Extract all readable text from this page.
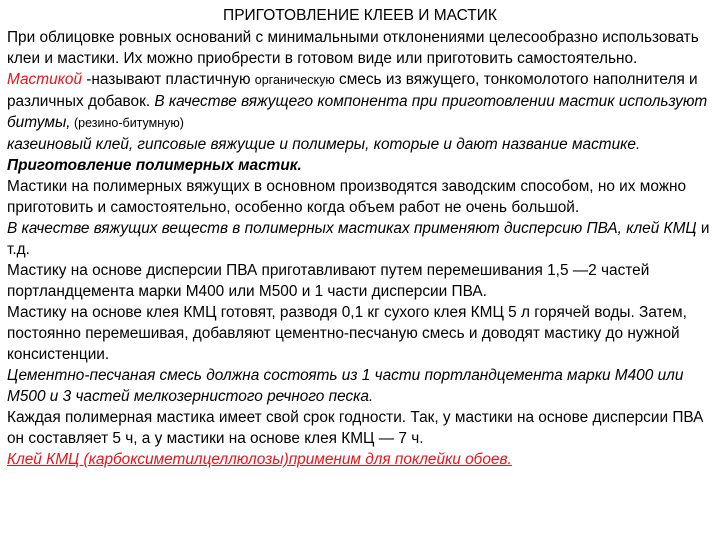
ПРИГОТОВЛЕНИЕ КЛЕЕВ И МАСТИК

При облицовке ровных оснований с минимальными отклонениями целесообразно использовать клеи и мастики. Их можно приобрести в готовом виде или приготовить самостоятельно.

Мастикой -называют пластичную органическую смесь из вяжущего, тонкомолотого наполнителя и различных добавок. В качестве вяжущего компонента при приготовлении мастик используют битумы, (резино-битумную)

казеиновый клей, гипсовые вяжущие и полимеры, которые и дают название мастике.

Приготовление полимерных мастик.

Мастики на полимерных вяжущих в основном производятся заводским способом, но их можно приготовить и самостоятельно, особенно когда объем работ не очень большой.

В качестве вяжущих веществ в полимерных мастиках применяют дисперсию ПВА, клей КМЦ и т.д.

Мастику на основе дисперсии ПВА приготавливают путем перемешивания 1,5 —2 частей портландцемента марки М400 или М500 и 1 части дисперсии ПВА.

Мастику на основе клея КМЦ готовят, разводя 0,1 кг сухого клея КМЦ 5 л горячей воды. Затем, постоянно перемешивая, добавляют цементно-песчаную смесь и доводят мастику до нужной консистенции.

Цементно-песчаная смесь должна состоять из 1 части портландцемента марки М400 или М500 и 3 частей мелкозернистого речного песка.

Каждая полимерная мастика имеет свой срок годности. Так, у мастики на основе дисперсии ПВА он составляет 5 ч, а у мастики на основе клея КМЦ — 7 ч.

Клей КМЦ (карбоксиметилцеллюлозы)применим для поклейки обоев.
